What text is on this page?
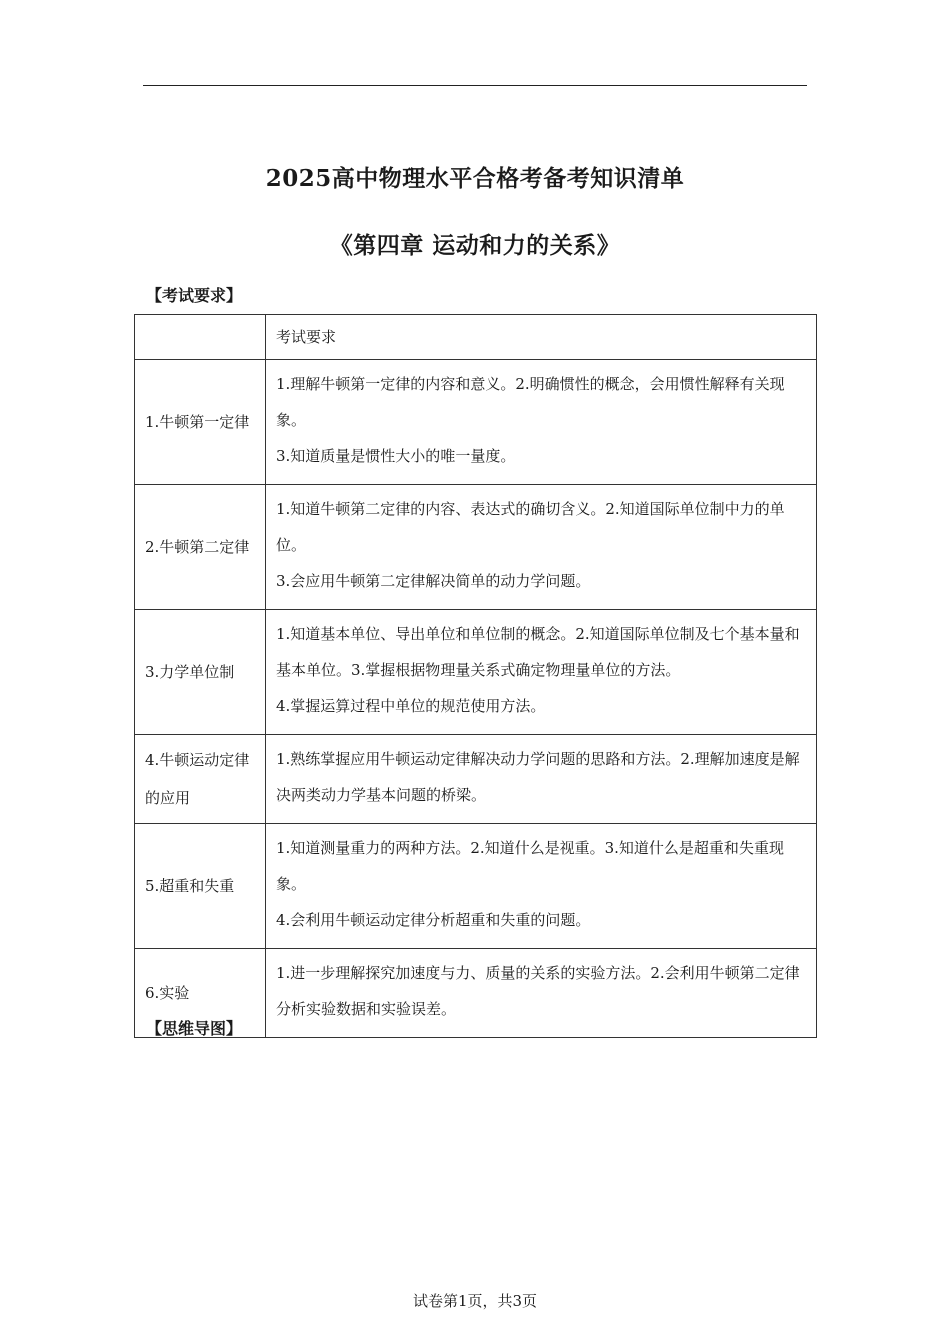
2025高中物理水平合格考备考知识清单
《第四章 运动和力的关系》
【考试要求】
	考试要求
1.牛顿第一定律	1.理解牛顿第一定律的内容和意义。2.明确惯性的概念，会用惯性解释有关现象。

3.知道质量是惯性大小的唯一量度。

2.牛顿第二定律	1.知道牛顿第二定律的内容、表达式的确切含义。2.知道国际单位制中力的单位。

3.会应用牛顿第二定律解决简单的动力学问题。

3.力学单位制	1.知道基本单位、导出单位和单位制的概念。2.知道国际单位制及七个基本量和基本单位。3.掌握根据物理量关系式确定物理量单位的方法。

4.掌握运算过程中单位的规范使用方法。

4.牛顿运动定律的应用	1.熟练掌握应用牛顿运动定律解决动力学问题的思路和方法。2.理解加速度是解决两类动力学基本问题的桥梁。

5.超重和失重	1.知道测量重力的两种方法。2.知道什么是视重。3.知道什么是超重和失重现象。

4.会利用牛顿运动定律分析超重和失重的问题。

6.实验	1.进一步理解探究加速度与力、质量的关系的实验方法。2.会利用牛顿第二定律分析实验数据和实验误差。

【思维导图】
试卷第1页，共3页
